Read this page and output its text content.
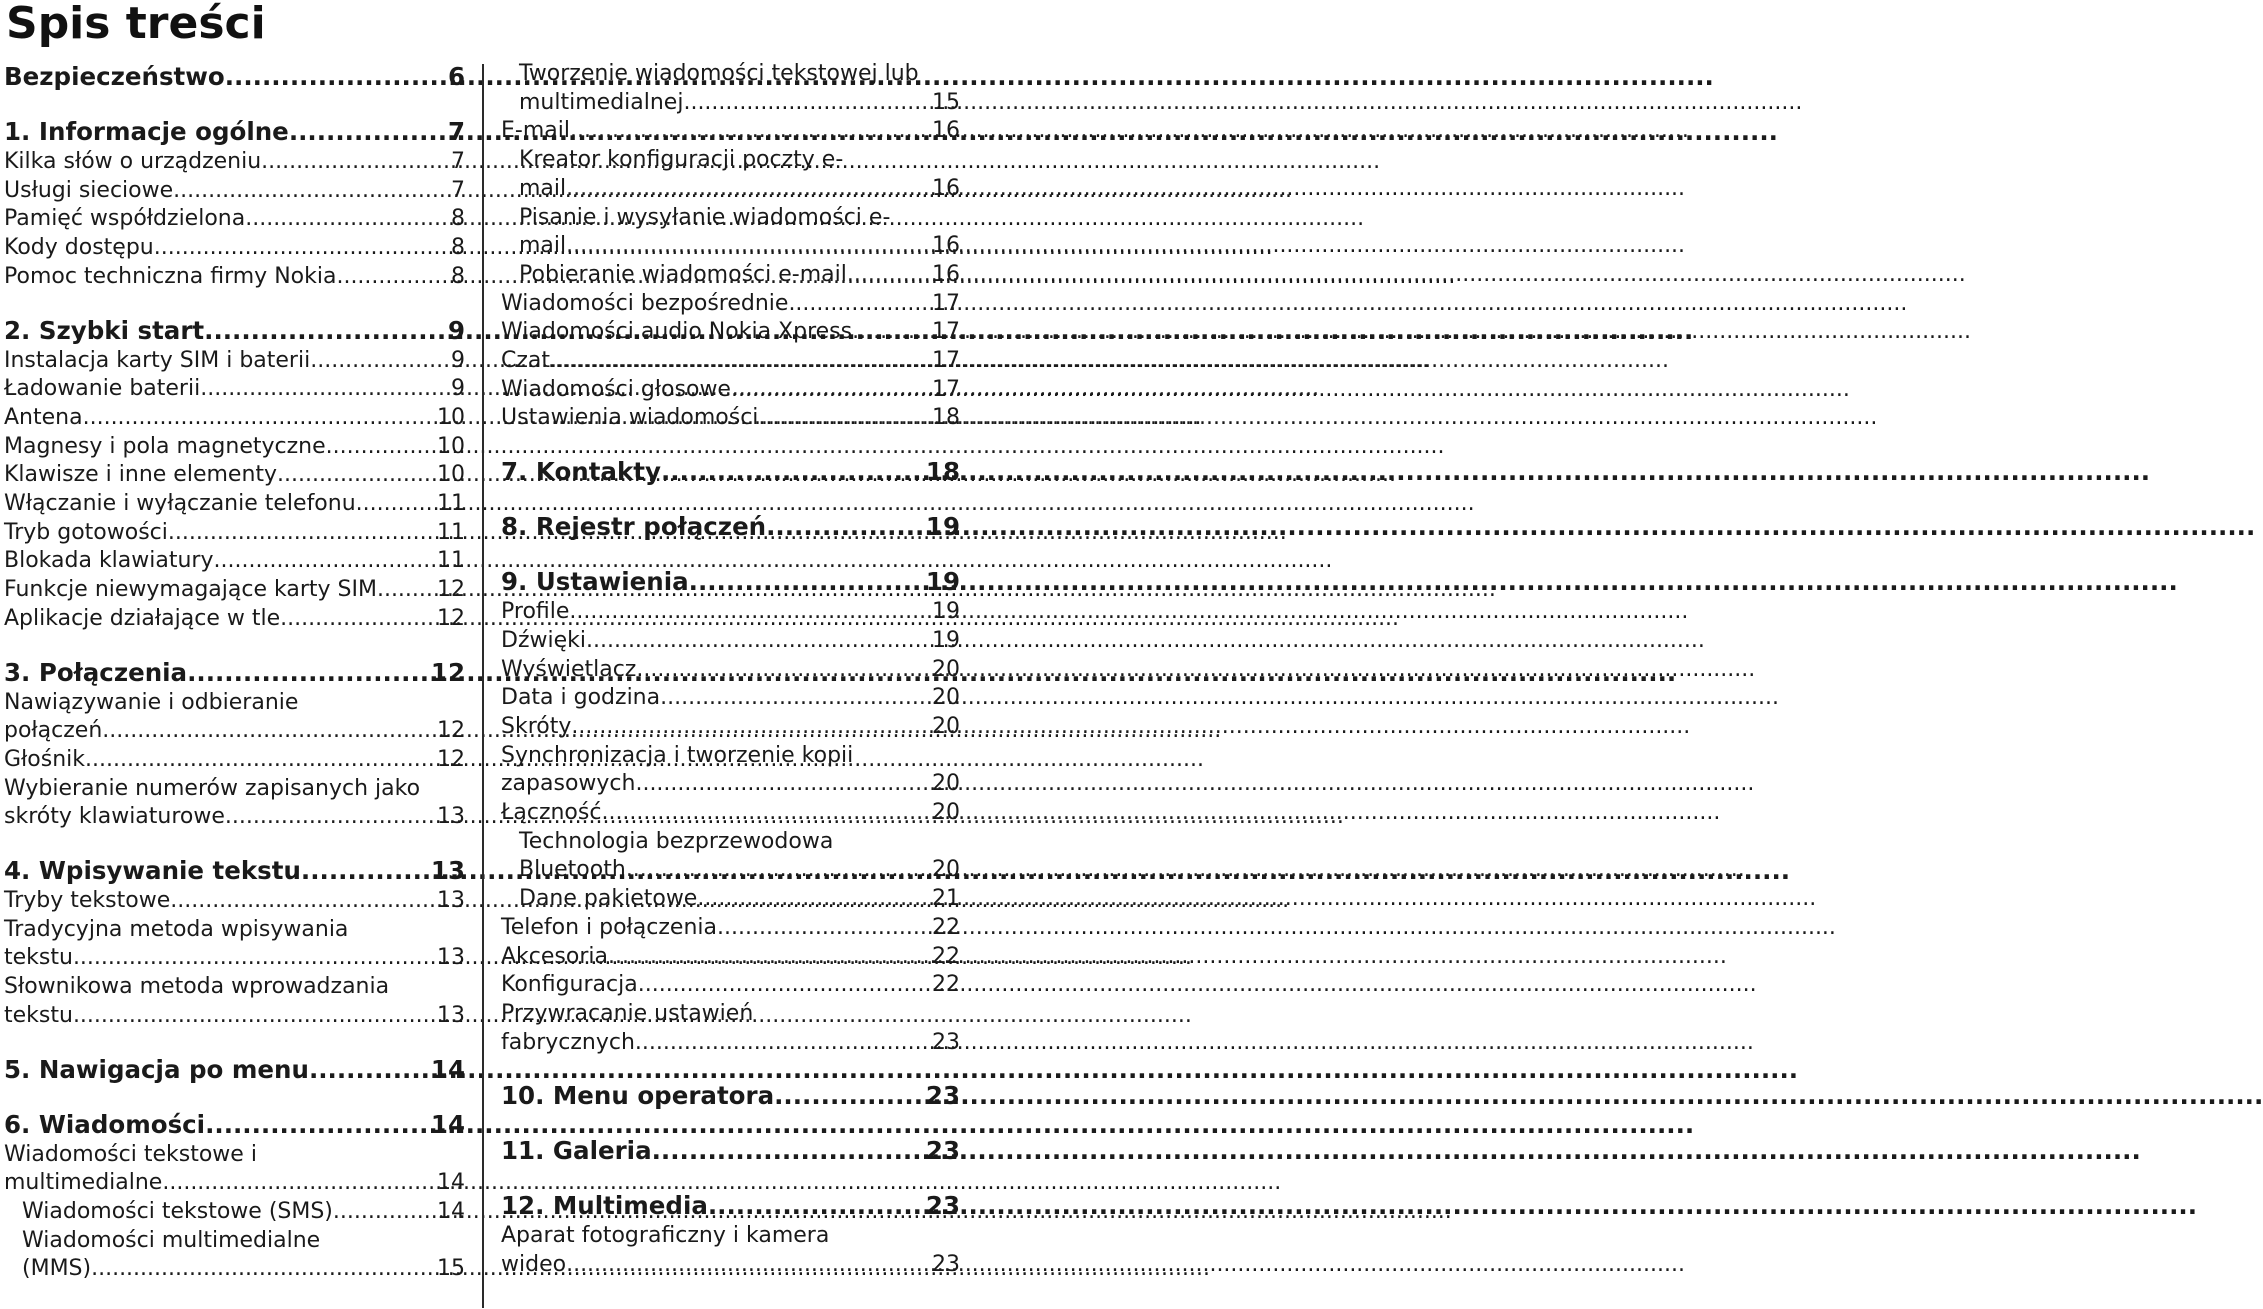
Spis treści
Bezpieczeństwo .....	6
1. Informacje ogólne .....	7
Kilka słów o urządzeniu .....	7
Usługi sieciowe .....	7
Pamięć współdzielona .....	8
Kody dostępu .....	8
Pomoc techniczna firmy Nokia .....	8
2. Szybki start .....	9
Instalacja karty SIM i baterii .....	9
Ładowanie baterii .....	9
Antena .....	10
Magnesy i pola magnetyczne .....	10
Klawisze i inne elementy .....	10
Włączanie i wyłączanie telefonu .....	11
Tryb gotowości .....	11
Blokada klawiatury .....	11
Funkcje niewymagające karty SIM .....	12
Aplikacje działające w tle .....	12
3. Połączenia .....	12
Nawiązywanie i odbieranie
połączeń .....	12
Głośnik .....	12
Wybieranie numerów zapisanych jako
skróty klawiaturowe .....	13
4. Wpisywanie tekstu .....	13
Tryby tekstowe .....	13
Tradycyjna metoda wpisywania
tekstu .....	13
Słownikowa metoda wprowadzania
tekstu .....	13
5. Nawigacja po menu .....	14
6. Wiadomości .....	14
Wiadomości tekstowe i
multimedialne .....	14
Wiadomości tekstowe (SMS) .....	14
Wiadomości multimedialne
(MMS) .....	15
Tworzenie wiadomości tekstowej lub
multimedialnej .....	15
E-mail .....	16
Kreator konfiguracji poczty e-
mail .....	16
Pisanie i wysyłanie wiadomości e-
mail .....	16
Pobieranie wiadomości e-mail .....	16
Wiadomości bezpośrednie .....	17
Wiadomości audio Nokia Xpress .....	17
Czat .....	17
Wiadomości głosowe .....	17
Ustawienia wiadomości .....	18
7. Kontakty .....	18
8. Rejestr połączeń .....	19
9. Ustawienia .....	19
Profile .....	19
Dźwięki .....	19
Wyświetlacz .....	20
Data i godzina .....	20
Skróty .....	20
Synchronizacja i tworzenie kopii
zapasowych .....	20
Łączność .....	20
Technologia bezprzewodowa
Bluetooth .....	20
Dane pakietowe .....	21
Telefon i połączenia .....	22
Akcesoria .....	22
Konfiguracja .....	22
Przywracanie ustawień
fabrycznych .....	23
10. Menu operatora .....	23
11. Galeria .....	23
12. Multimedia .....	23
Aparat fotograficzny i kamera
wideo .....	23
